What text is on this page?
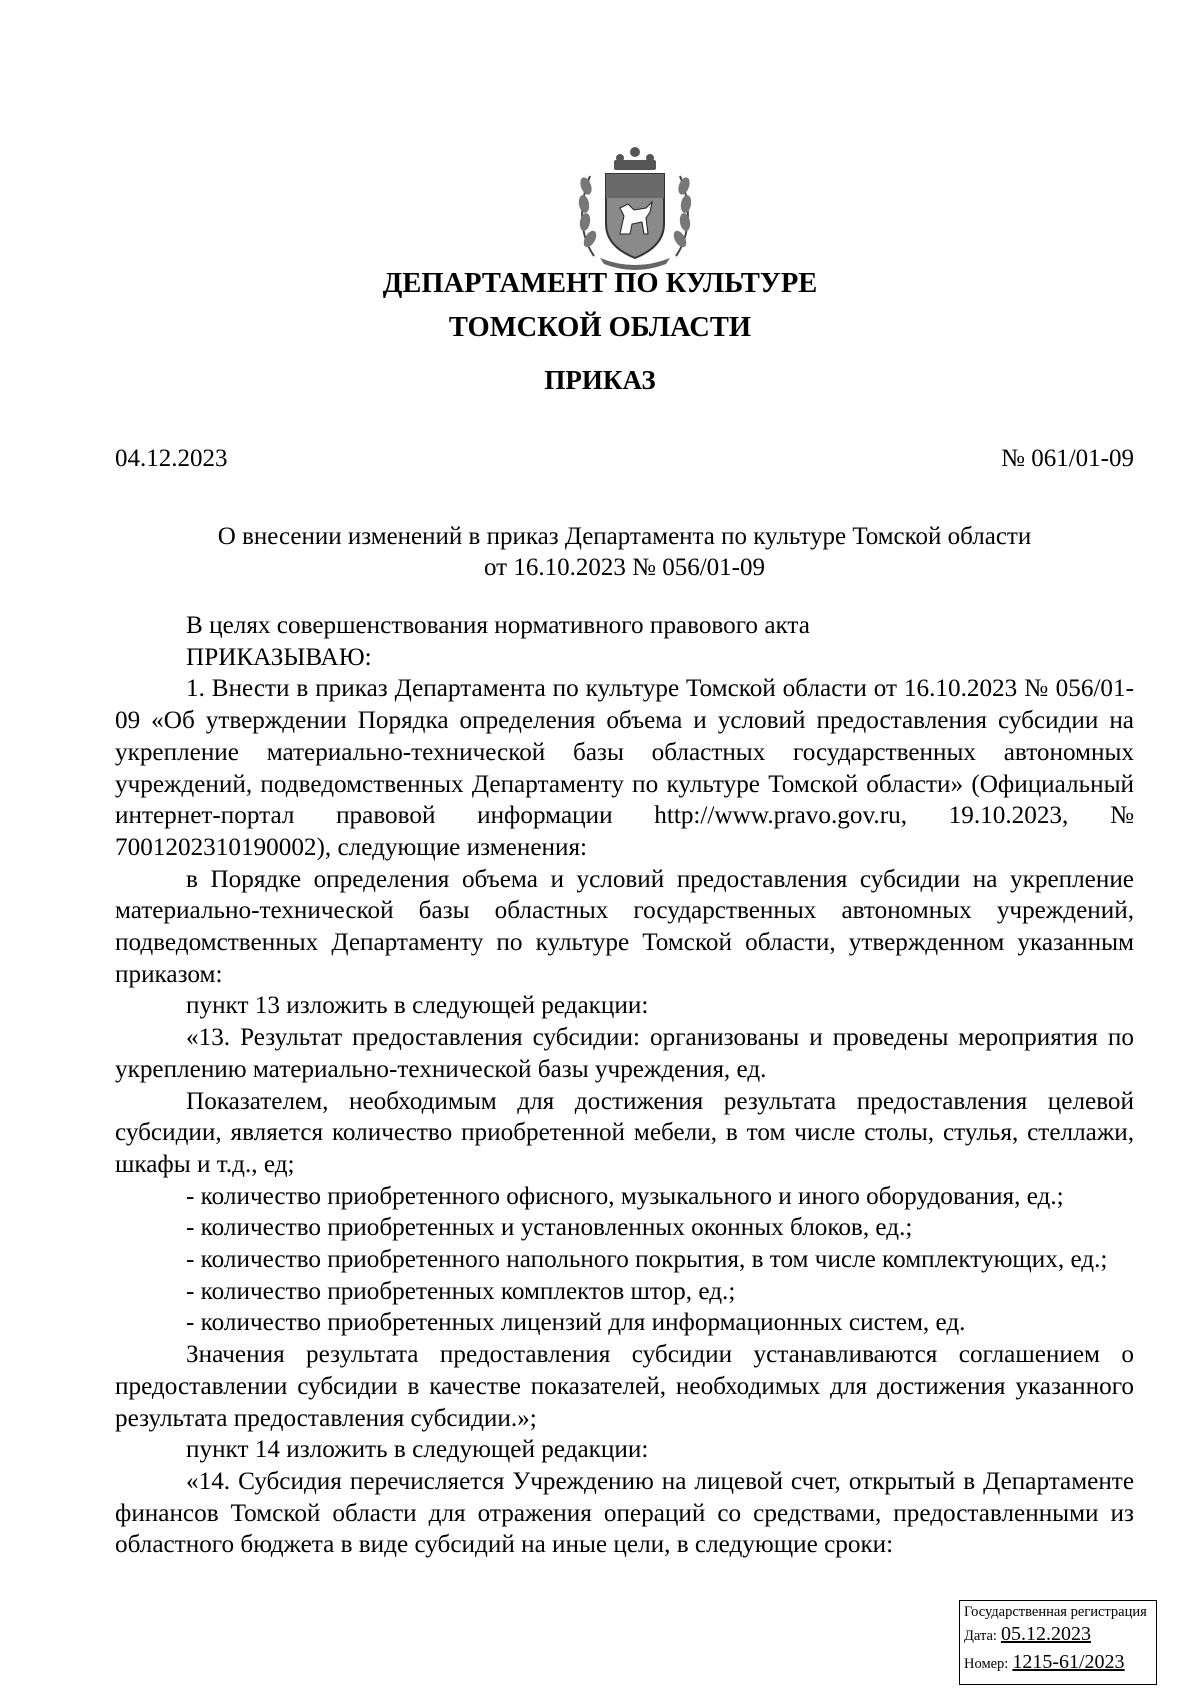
ДЕПАРТАМЕНТ ПО КУЛЬТУРЕ
ТОМСКОЙ ОБЛАСТИ
ПРИКАЗ
04.12.2023	№ 061/01-09
О внесении изменений в приказ Департамента по культуре Томской области
от 16.10.2023 № 056/01-09

В целях совершенствования нормативного правового акта

ПРИКАЗЫВАЮ:

1. Внести в приказ Департамента по культуре Томской области от 16.10.2023 № 056/01-09 «Об утверждении Порядка определения объема и условий предоставления субсидии на укрепление материально-технической базы областных государственных автономных учреждений, подведомственных Департаменту по культуре Томской области» (Официальный интернет-портал правовой информации http://www.pravo.gov.ru, 19.10.2023, № 7001202310190002), следующие изменения:

в Порядке определения объема и условий предоставления субсидии на укрепление материально-технической базы областных государственных автономных учреждений, подведомственных Департаменту по культуре Томской области, утвержденном указанным приказом:

пункт 13 изложить в следующей редакции:

«13. Результат предоставления субсидии: организованы и проведены мероприятия по укреплению материально-технической базы учреждения, ед.

Показателем, необходимым для достижения результата предоставления целевой субсидии, является количество приобретенной мебели, в том числе столы, стулья, стеллажи, шкафы и т.д., ед;

- количество приобретенного офисного, музыкального и иного оборудования, ед.;

- количество приобретенных и установленных оконных блоков, ед.;

- количество приобретенного напольного покрытия, в том числе комплектующих, ед.;

- количество приобретенных комплектов штор, ед.;

- количество приобретенных лицензий для информационных систем, ед.

Значения результата предоставления субсидии устанавливаются соглашением о предоставлении субсидии в качестве показателей, необходимых для достижения указанного результата предоставления субсидии.»;

пункт 14 изложить в следующей редакции:

«14. Субсидия перечисляется Учреждению на лицевой счет, открытый в Департаменте финансов Томской области для отражения операций со средствами, предоставленными из областного бюджета в виде субсидий на иные цели, в следующие сроки:

Государственная регистрация
Дата: 05.12.2023
Номер: 1215-61/2023
